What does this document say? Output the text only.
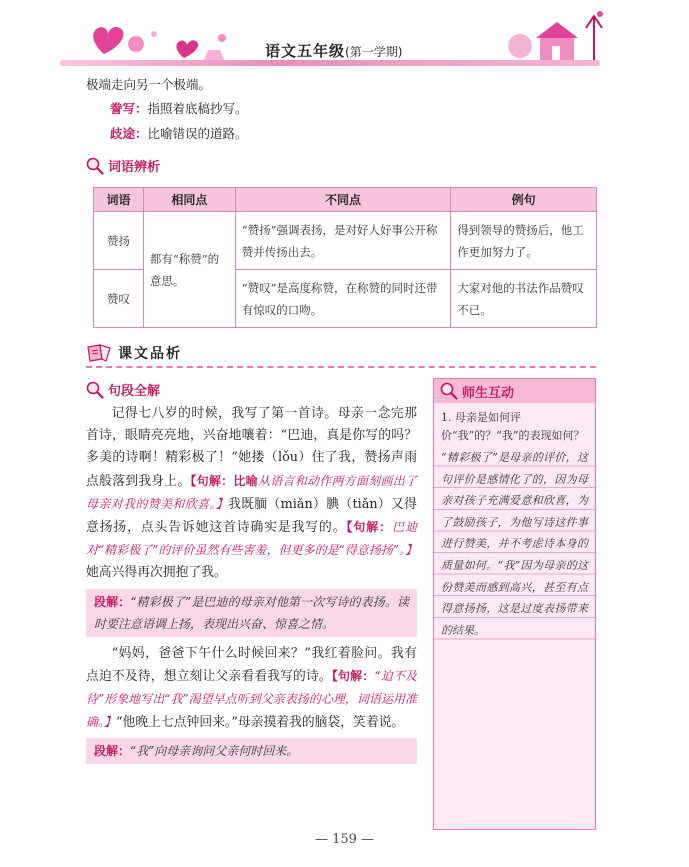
语文五年级(第一学期)
极端走向另一个极端。
誊写：指照着底稿抄写。
歧途：比喻错误的道路。
词语辨析
词语	相同点	不同点	例句
赞扬	都有“称赞”的意思。	“赞扬”强调表扬，是对好人好事公开称赞并传扬出去。	得到领导的赞扬后，他工作更加努力了。
赞叹		“赞叹”是高度称赞，在称赞的同时还带有惊叹的口吻。	大家对他的书法作品赞叹不已。
课文品析
句段全解

记得七八岁的时候，我写了第一首诗。母亲一念完那首诗，眼睛亮亮地，兴奋地嚷着：“巴迪，真是你写的吗？多美的诗啊！精彩极了！”她搂（lǒu）住了我，赞扬声雨点般落到我身上。【句解：比喻从语言和动作两方面刻画出了母亲对我的赞美和欣喜。】我既腼（miǎn）腆（tiǎn）又得意扬扬，点头告诉她这首诗确实是我写的。【句解：巴迪对“精彩极了”的评价虽然有些害羞，但更多的是“得意扬扬”。】她高兴得再次拥抱了我。

段解：“精彩极了”是巴迪的母亲对他第一次写诗的表扬。读时要注意语调上扬，表现出兴奋、惊喜之情。

“妈妈，爸爸下午什么时候回来？”我红着脸问。我有点迫不及待，想立刻让父亲看看我写的诗。【句解：“迫不及待”形象地写出“我”渴望早点听到父亲表扬的心理，词语运用准确。】“他晚上七点钟回来。”母亲摸着我的脑袋，笑着说。

段解：“我”向母亲询问父亲何时回来。
师生互动
1. 母亲是如何评价“我”的？“我”的表现如何？
“精彩极了”是母亲的评价，这句评价是感情化了的，因为母亲对孩子充满爱意和欣喜，为了鼓励孩子，为他写诗这件事进行赞美，并不考虑诗本身的质量如何。“我”因为母亲的这份赞美而感到高兴，甚至有点得意扬扬，这是过度表扬带来的结果。
— 159 —
